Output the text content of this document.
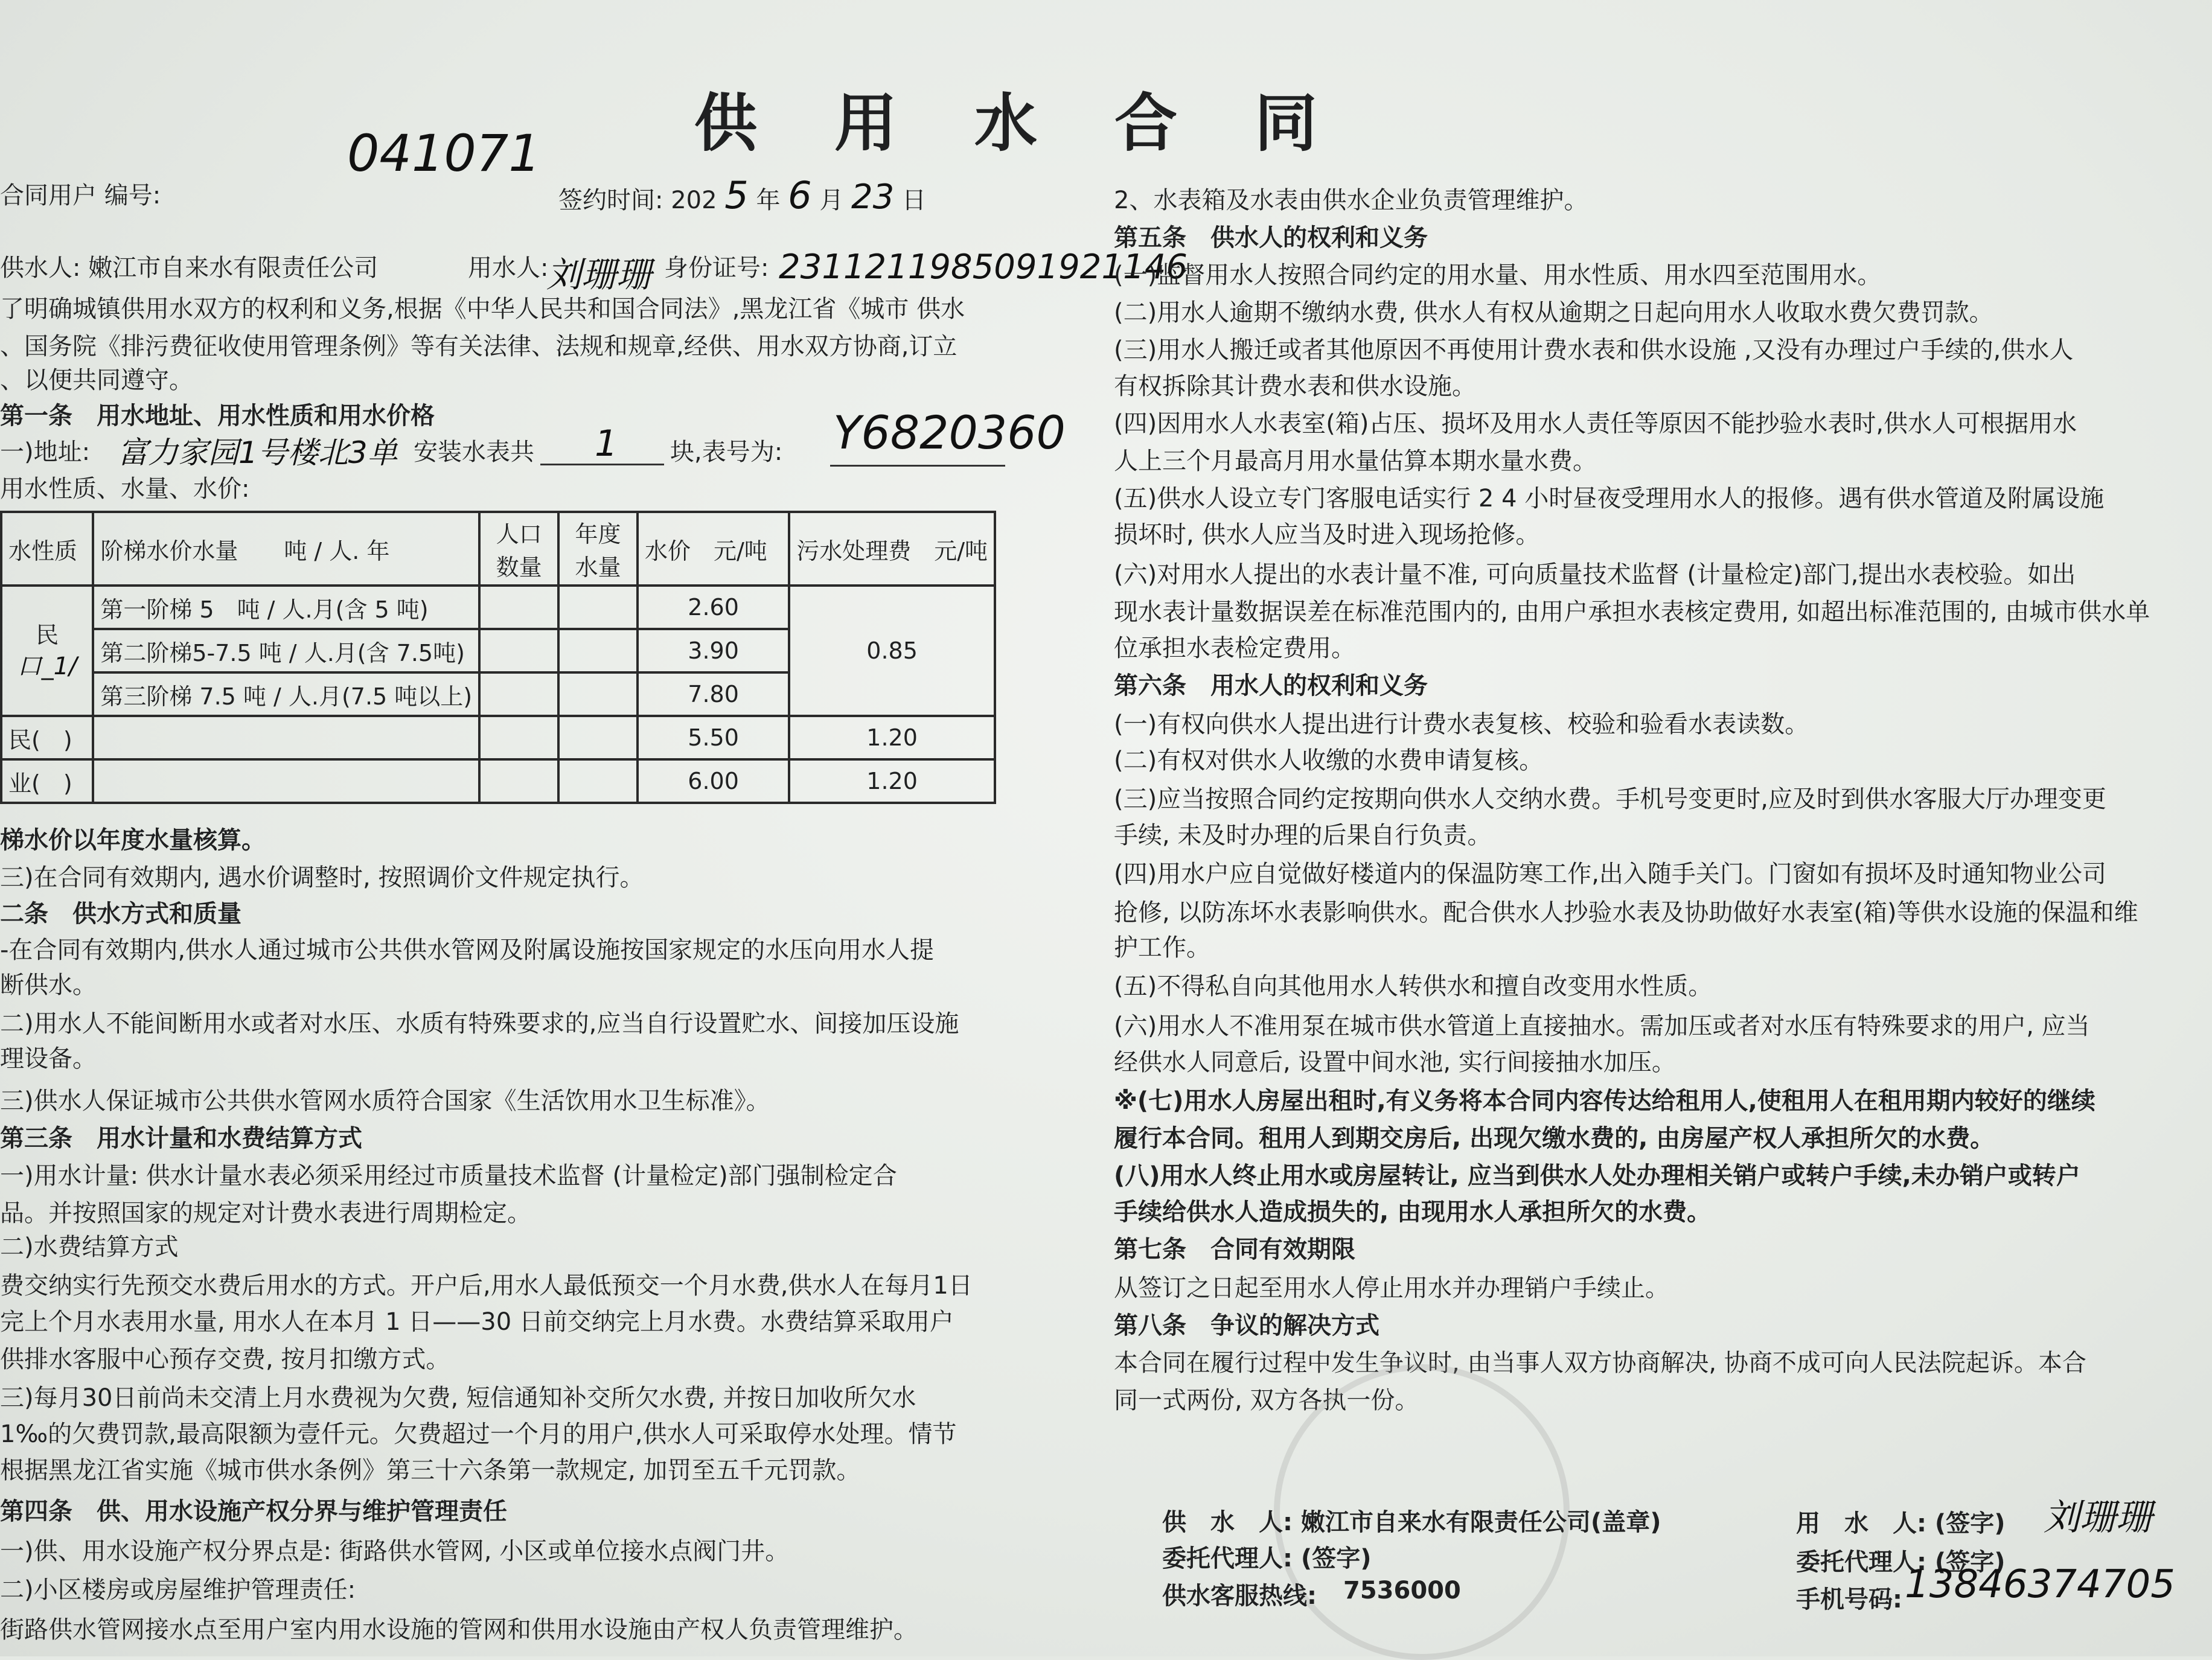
供用水合同
041071
合同用户 编号:	签约时间: 202 5 年 6 月 23 日
供水人: 嫩江市自来水有限责任公司	用水人:
刘珊珊 身份证号: 2311211985091921146
了明确城镇供用水双方的权利和义务,根据《中华人民共和国合同法》,黑龙江省《城市 供水
、国务院《排污费征收使用管理条例》等有关法律、法规和规章,经供、用水双方协商,订立
、以便共同遵守。
第一条　用水地址、用水性质和用水价格
一)地址: 富力家园1号楼北3单 安装水表共 1 块,表号为: Y6820360
用水性质、水量、水价:
水性质	阶梯水价水量　　吨 / 人. 年	人口数量	年度水量	水价　元/吨	污水处理费　元/吨

民
口_1/	第一阶梯 5　吨 / 人.月(含 5 吨)			2.60	0.85
	第二阶梯5-7.5 吨 / 人.月(含 7.5吨)			3.90	
	第三阶梯 7.5 吨 / 人.月(7.5 吨以上)			7.80	
民(　)				5.50	1.20
业(　)				6.00	1.20
梯水价以年度水量核算。
三)在合同有效期内, 遇水价调整时, 按照调价文件规定执行。
二条　供水方式和质量
-在合同有效期内,供水人通过城市公共供水管网及附属设施按国家规定的水压向用水人提
断供水。
二)用水人不能间断用水或者对水压、水质有特殊要求的,应当自行设置贮水、间接加压设施
理设备。
三)供水人保证城市公共供水管网水质符合国家《生活饮用水卫生标准》。
第三条　用水计量和水费结算方式
一)用水计量: 供水计量水表必须采用经过市质量技术监督 (计量检定)部门强制检定合
品。并按照国家的规定对计费水表进行周期检定。
二)水费结算方式
费交纳实行先预交水费后用水的方式。开户后,用水人最低预交一个月水费,供水人在每月1日
完上个月水表用水量, 用水人在本月 1 日——30 日前交纳完上月水费。水费结算采取用户
供排水客服中心预存交费, 按月扣缴方式。
三)每月30日前尚未交清上月水费视为欠费, 短信通知补交所欠水费, 并按日加收所欠水
1‰的欠费罚款,最高限额为壹仟元。欠费超过一个月的用户,供水人可采取停水处理。情节
根据黑龙江省实施《城市供水条例》第三十六条第一款规定, 加罚至五千元罚款。
第四条　供、用水设施产权分界与维护管理责任
一)供、用水设施产权分界点是: 街路供水管网, 小区或单位接水点阀门井。
二)小区楼房或房屋维护管理责任:
街路供水管网接水点至用户室内用水设施的管网和供用水设施由产权人负责管理维护。
2、水表箱及水表由供水企业负责管理维护。
第五条　供水人的权利和义务
(一)监督用水人按照合同约定的用水量、用水性质、用水四至范围用水。
(二)用水人逾期不缴纳水费, 供水人有权从逾期之日起向用水人收取水费欠费罚款。
(三)用水人搬迁或者其他原因不再使用计费水表和供水设施 ,又没有办理过户手续的,供水人
有权拆除其计费水表和供水设施。
(四)因用水人水表室(箱)占压、损坏及用水人责任等原因不能抄验水表时,供水人可根据用水
人上三个月最高月用水量估算本期水量水费。
(五)供水人设立专门客服电话实行 2 4 小时昼夜受理用水人的报修。遇有供水管道及附属设施
损坏时, 供水人应当及时进入现场抢修。
(六)对用水人提出的水表计量不准, 可向质量技术监督 (计量检定)部门,提出水表校验。如出
现水表计量数据误差在标准范围内的, 由用户承担水表核定费用, 如超出标准范围的, 由城市供水单
位承担水表检定费用。
第六条　用水人的权利和义务
(一)有权向供水人提出进行计费水表复核、校验和验看水表读数。
(二)有权对供水人收缴的水费申请复核。
(三)应当按照合同约定按期向供水人交纳水费。手机号变更时,应及时到供水客服大厅办理变更
手续, 未及时办理的后果自行负责。
(四)用水户应自觉做好楼道内的保温防寒工作,出入随手关门。门窗如有损坏及时通知物业公司
抢修, 以防冻坏水表影响供水。配合供水人抄验水表及协助做好水表室(箱)等供水设施的保温和维
护工作。
(五)不得私自向其他用水人转供水和擅自改变用水性质。
(六)用水人不准用泵在城市供水管道上直接抽水。需加压或者对水压有特殊要求的用户, 应当
经供水人同意后, 设置中间水池, 实行间接抽水加压。
※(七)用水人房屋出租时,有义务将本合同内容传达给租用人,使租用人在租用期内较好的继续
履行本合同。租用人到期交房后, 出现欠缴水费的, 由房屋产权人承担所欠的水费。
(八)用水人终止用水或房屋转让, 应当到供水人处办理相关销户或转户手续,未办销户或转户
手续给供水人造成损失的, 由现用水人承担所欠的水费。
第七条　合同有效期限
从签订之日起至用水人停止用水并办理销户手续止。
第八条　争议的解决方式
本合同在履行过程中发生争议时, 由当事人双方协商解决, 协商不成可向人民法院起诉。本合
同一式两份, 双方各执一份。
供　水　人: 嫩江市自来水有限责任公司(盖章)
委托代理人: (签字)
供水客服热线: 7536000
用　水　人: (签字) 刘珊珊
委托代理人: (签字)
手机号码: 13846374705
